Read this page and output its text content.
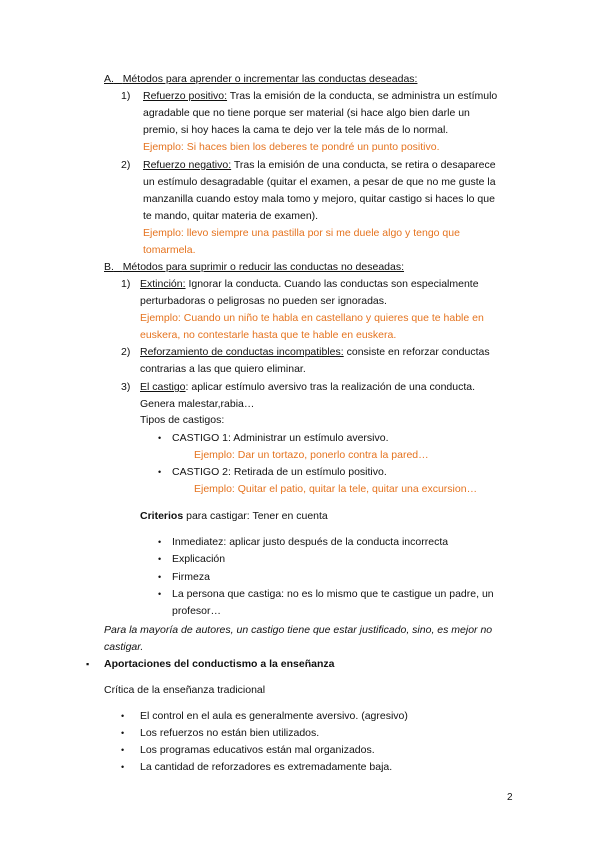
A. Métodos para aprender o incrementar las conductas deseadas:
1) Refuerzo positivo: Tras la emisión de la conducta, se administra un estímulo
agradable que no tiene porque ser material (si hace algo bien darle un
premio, si hoy haces la cama te dejo ver la tele más de lo normal.
Ejemplo: Si haces bien los deberes te pondré un punto positivo.
2) Refuerzo negativo: Tras la emisión de una conducta, se retira o desaparece
un estímulo desagradable (quitar el examen, a pesar de que no me guste la
manzanilla cuando estoy mala tomo y mejoro, quitar castigo si haces lo que
te mando, quitar materia de examen).
Ejemplo: llevo siempre una pastilla por si me duele algo y tengo que
tomarmela.
B. Métodos para suprimir o reducir las conductas no deseadas:
1) Extinción: Ignorar la conducta. Cuando las conductas son especialmente
perturbadoras o peligrosas no pueden ser ignoradas.
Ejemplo: Cuando un niño te habla en castellano y quieres que te hable en
euskera, no contestarle hasta que te hable en euskera.
2) Reforzamiento de conductas incompatibles: consiste en reforzar conductas
contrarias a las que quiero eliminar.
3) El castigo: aplicar estímulo aversivo tras la realización de una conducta.
Genera malestar,rabia…
Tipos de castigos:
• CASTIGO 1: Administrar un estímulo aversivo.
Ejemplo: Dar un tortazo, ponerlo contra la pared…
• CASTIGO 2: Retirada de un estímulo positivo.
Ejemplo: Quitar el patio, quitar la tele, quitar una excursion…
Criterios para castigar: Tener en cuenta
• Inmediatez: aplicar justo después de la conducta incorrecta
• Explicación
• Firmeza
• La persona que castiga: no es lo mismo que te castigue un padre, un
profesor…
Para la mayoría de autores, un castigo tiene que estar justificado, sino, es mejor no
castigar.
▪ Aportaciones del conductismo a la enseñanza
Crítica de la enseñanza tradicional
• El control en el aula es generalmente aversivo. (agresivo)
• Los refuerzos no están bien utilizados.
• Los programas educativos están mal organizados.
• La cantidad de reforzadores es extremadamente baja.
2
